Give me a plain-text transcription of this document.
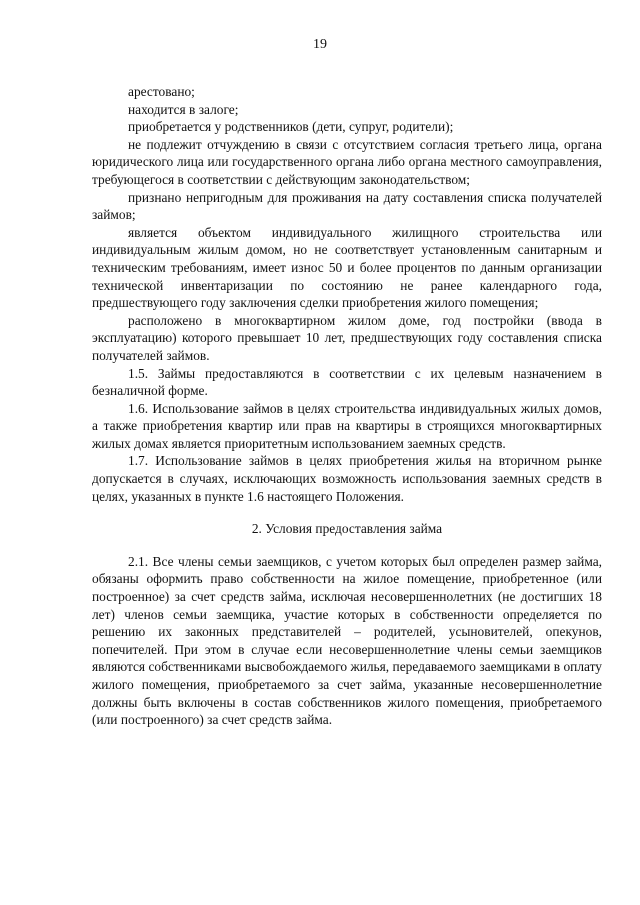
19

арестовано;

находится в залоге;

приобретается у родственников (дети, супруг, родители);

не подлежит отчуждению в связи с отсутствием согласия третьего лица, органа юридического лица или государственного органа либо органа местного самоуправления, требующегося в соответствии с действующим законодательством;

признано непригодным для проживания на дату составления списка получателей займов;

является объектом индивидуального жилищного строительства или индивидуальным жилым домом, но не соответствует установленным санитарным и техническим требованиям, имеет износ 50 и более процентов по данным организации технической инвентаризации по состоянию не ранее календарного года, предшествующего году заключения сделки приобретения жилого помещения;

расположено в многоквартирном жилом доме, год постройки (ввода в эксплуатацию) которого превышает 10 лет, предшествующих году составления списка получателей займов.

1.5. Займы предоставляются в соответствии с их целевым назначением в безналичной форме.

1.6. Использование займов в целях строительства индивидуальных жилых домов, а также приобретения квартир или прав на квартиры в строящихся многоквартирных жилых домах является приоритетным использованием заемных средств.

1.7. Использование займов в целях приобретения жилья на вторичном рынке допускается в случаях, исключающих возможность использования заемных средств в целях, указанных в пункте 1.6 настоящего Положения.

2. Условия предоставления займа

2.1. Все члены семьи заемщиков, с учетом которых был определен размер займа, обязаны оформить право собственности на жилое помещение, приобретенное (или построенное) за счет средств займа, исключая несовершеннолетних (не достигших 18 лет) членов семьи заемщика, участие которых в собственности определяется по решению их законных представителей – родителей, усыновителей, опекунов, попечителей. При этом в случае если несовершеннолетние члены семьи заемщиков являются собственниками высвобождаемого жилья, передаваемого заемщиками в оплату жилого помещения, приобретаемого за счет займа, указанные несовершеннолетние должны быть включены в состав собственников жилого помещения, приобретаемого (или построенного) за счет средств займа.
